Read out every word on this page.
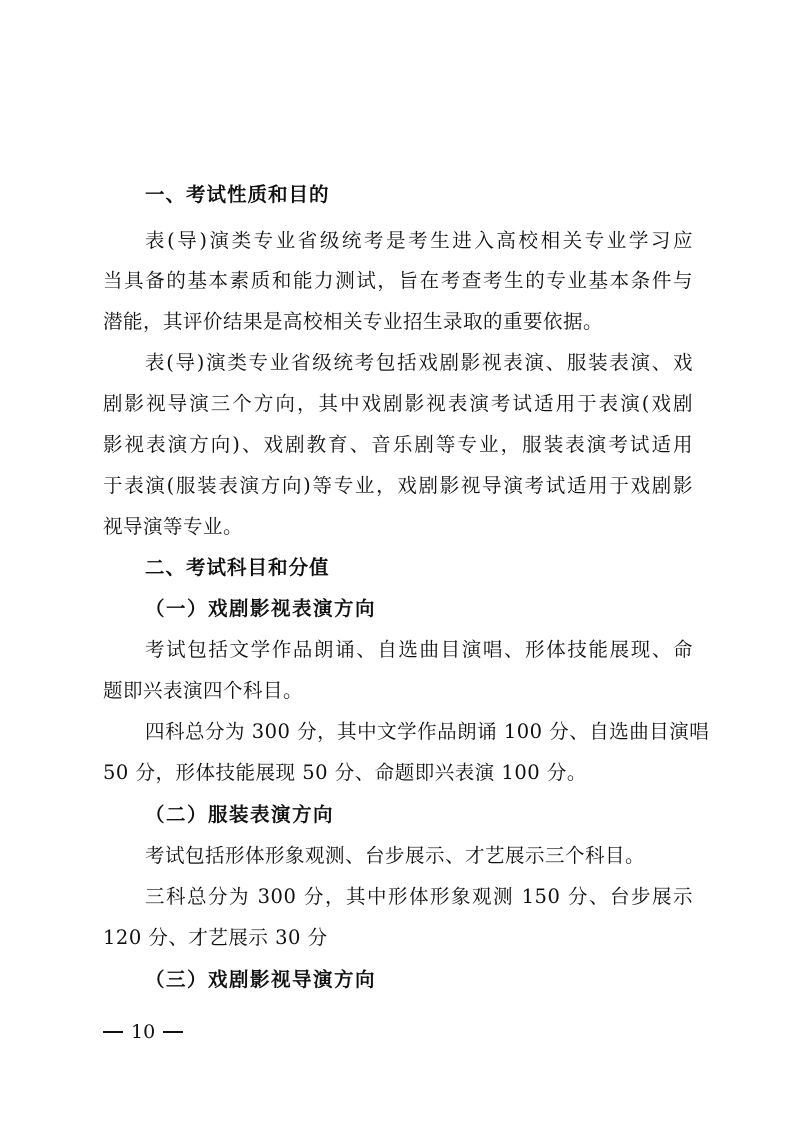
一、考试性质和目的
表(导)演类专业省级统考是考生进入高校相关专业学习应
当具备的基本素质和能力测试，旨在考查考生的专业基本条件与
潜能，其评价结果是高校相关专业招生录取的重要依据。
表(导)演类专业省级统考包括戏剧影视表演、服装表演、戏
剧影视导演三个方向，其中戏剧影视表演考试适用于表演(戏剧
影视表演方向)、戏剧教育、音乐剧等专业，服装表演考试适用
于表演(服装表演方向)等专业，戏剧影视导演考试适用于戏剧影
视导演等专业。
二、考试科目和分值
（一）戏剧影视表演方向
考试包括文学作品朗诵、自选曲目演唱、形体技能展现、命
题即兴表演四个科目。
四科总分为 300 分，其中文学作品朗诵 100 分、自选曲目演唱
50 分，形体技能展现 50 分、命题即兴表演 100 分。
（二）服装表演方向
考试包括形体形象观测、台步展示、才艺展示三个科目。
三科总分为 300 分，其中形体形象观测 150 分、台步展示
120 分、才艺展示 30 分
（三）戏剧影视导演方向
10
